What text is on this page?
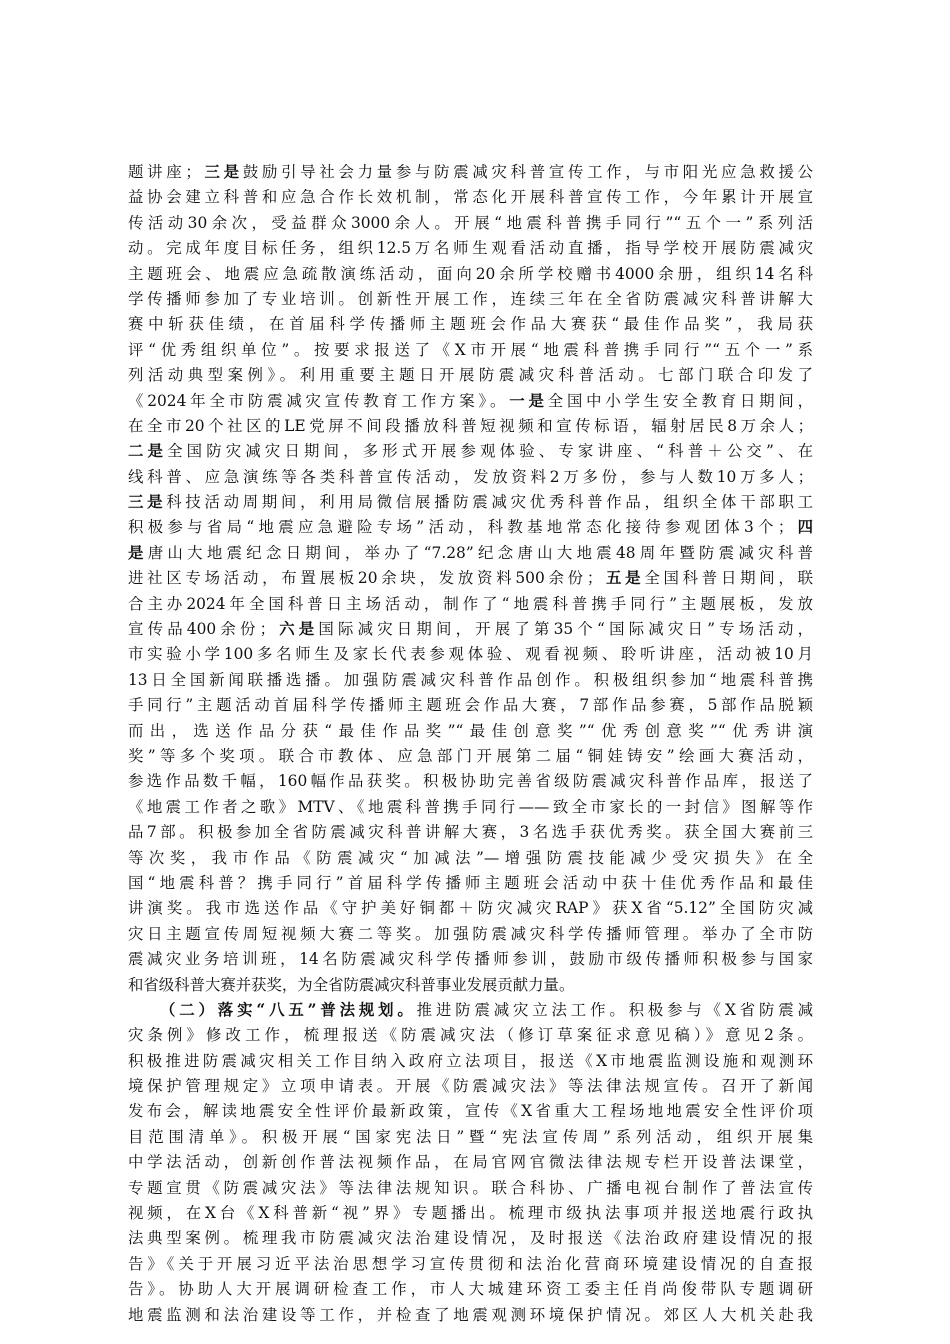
题讲座；三是鼓励引导社会力量参与防震减灾科普宣传工作，与市阳光应急救援公
益协会建立科普和应急合作长效机制，常态化开展科普宣传工作，今年累计开展宣
传活动30余次，受益群众3000余人。开展“地震科普携手同行”“五个一”系列活
动。完成年度目标任务，组织12.5万名师生观看活动直播，指导学校开展防震减灾
主题班会、地震应急疏散演练活动，面向20余所学校赠书4000余册，组织14名科
学传播师参加了专业培训。创新性开展工作，连续三年在全省防震减灾科普讲解大
赛中斩获佳绩，在首届科学传播师主题班会作品大赛获“最佳作品奖”，我局获
评“优秀组织单位”。按要求报送了《X市开展“地震科普携手同行”“五个一”系
列活动典型案例》。利用重要主题日开展防震减灾科普活动。七部门联合印发了
《2024年全市防震减灾宣传教育工作方案》。一是全国中小学生安全教育日期间，
在全市20个社区的LE党屏不间段播放科普短视频和宣传标语，辐射居民8万余人；
二是全国防灾减灾日期间，多形式开展参观体验、专家讲座、“科普＋公交”、在
线科普、应急演练等各类科普宣传活动，发放资料2万多份，参与人数10万多人；
三是科技活动周期间，利用局微信展播防震减灾优秀科普作品，组织全体干部职工
积极参与省局“地震应急避险专场”活动，科教基地常态化接待参观团体3个；四
是唐山大地震纪念日期间，举办了“7.28”纪念唐山大地震48周年暨防震减灾科普
进社区专场活动，布置展板20余块，发放资料500余份；五是全国科普日期间，联
合主办2024年全国科普日主场活动，制作了“地震科普携手同行”主题展板，发放
宣传品400余份；六是国际减灾日期间，开展了第35个“国际减灾日”专场活动，
市实验小学100多名师生及家长代表参观体验、观看视频、聆听讲座，活动被10月
13日全国新闻联播选播。加强防震减灾科普作品创作。积极组织参加“地震科普携
手同行”主题活动首届科学传播师主题班会作品大赛，7部作品参赛，5部作品脱颖
而出，选送作品分获“最佳作品奖”“最佳创意奖”“优秀创意奖”“优秀讲演
奖”等多个奖项。联合市教体、应急部门开展第二届“铜娃铸安”绘画大赛活动，
参选作品数千幅，160幅作品获奖。积极协助完善省级防震减灾科普作品库，报送了
《地震工作者之歌》MTV、《地震科普携手同行——致全市家长的一封信》图解等作
品7部。积极参加全省防震减灾科普讲解大赛，3名选手获优秀奖。获全国大赛前三
等次奖，我市作品《防震减灾“加减法”—增强防震技能减少受灾损失》在全
国“地震科普？携手同行”首届科学传播师主题班会活动中获十佳优秀作品和最佳
讲演奖。我市选送作品《守护美好铜都＋防灾减灾RAP》获X省“5.12”全国防灾减
灾日主题宣传周短视频大赛二等奖。加强防震减灾科学传播师管理。举办了全市防
震减灾业务培训班，14名防震减灾科学传播师参训，鼓励市级传播师积极参与国家
和省级科普大赛并获奖，为全省防震减灾科普事业发展贡献力量。
（二）落实“八五”普法规划。推进防震减灾立法工作。积极参与《X省防震减
灾条例》修改工作，梳理报送《防震减灾法（修订草案征求意见稿）》意见2条。
积极推进防震减灾相关工作目纳入政府立法项目，报送《X市地震监测设施和观测环
境保护管理规定》立项申请表。开展《防震减灾法》等法律法规宣传。召开了新闻
发布会，解读地震安全性评价最新政策，宣传《X省重大工程场地地震安全性评价项
目范围清单》。积极开展“国家宪法日”暨“宪法宣传周”系列活动，组织开展集
中学法活动，创新创作普法视频作品，在局官网官微法律法规专栏开设普法课堂，
专题宣贯《防震减灾法》等法律法规知识。联合科协、广播电视台制作了普法宣传
视频，在X台《X科普新“视”界》专题播出。梳理市级执法事项并报送地震行政执
法典型案例。梳理我市防震减灾法治建设情况，及时报送《法治政府建设情况的报
告》《关于开展习近平法治思想学习宣传贯彻和法治化营商环境建设情况的自查报
告》。协助人大开展调研检查工作，市人大城建环资工委主任肖尚俊带队专题调研
地震监测和法治建设等工作，并检查了地震观测环境保护情况。郊区人大机关赴我
